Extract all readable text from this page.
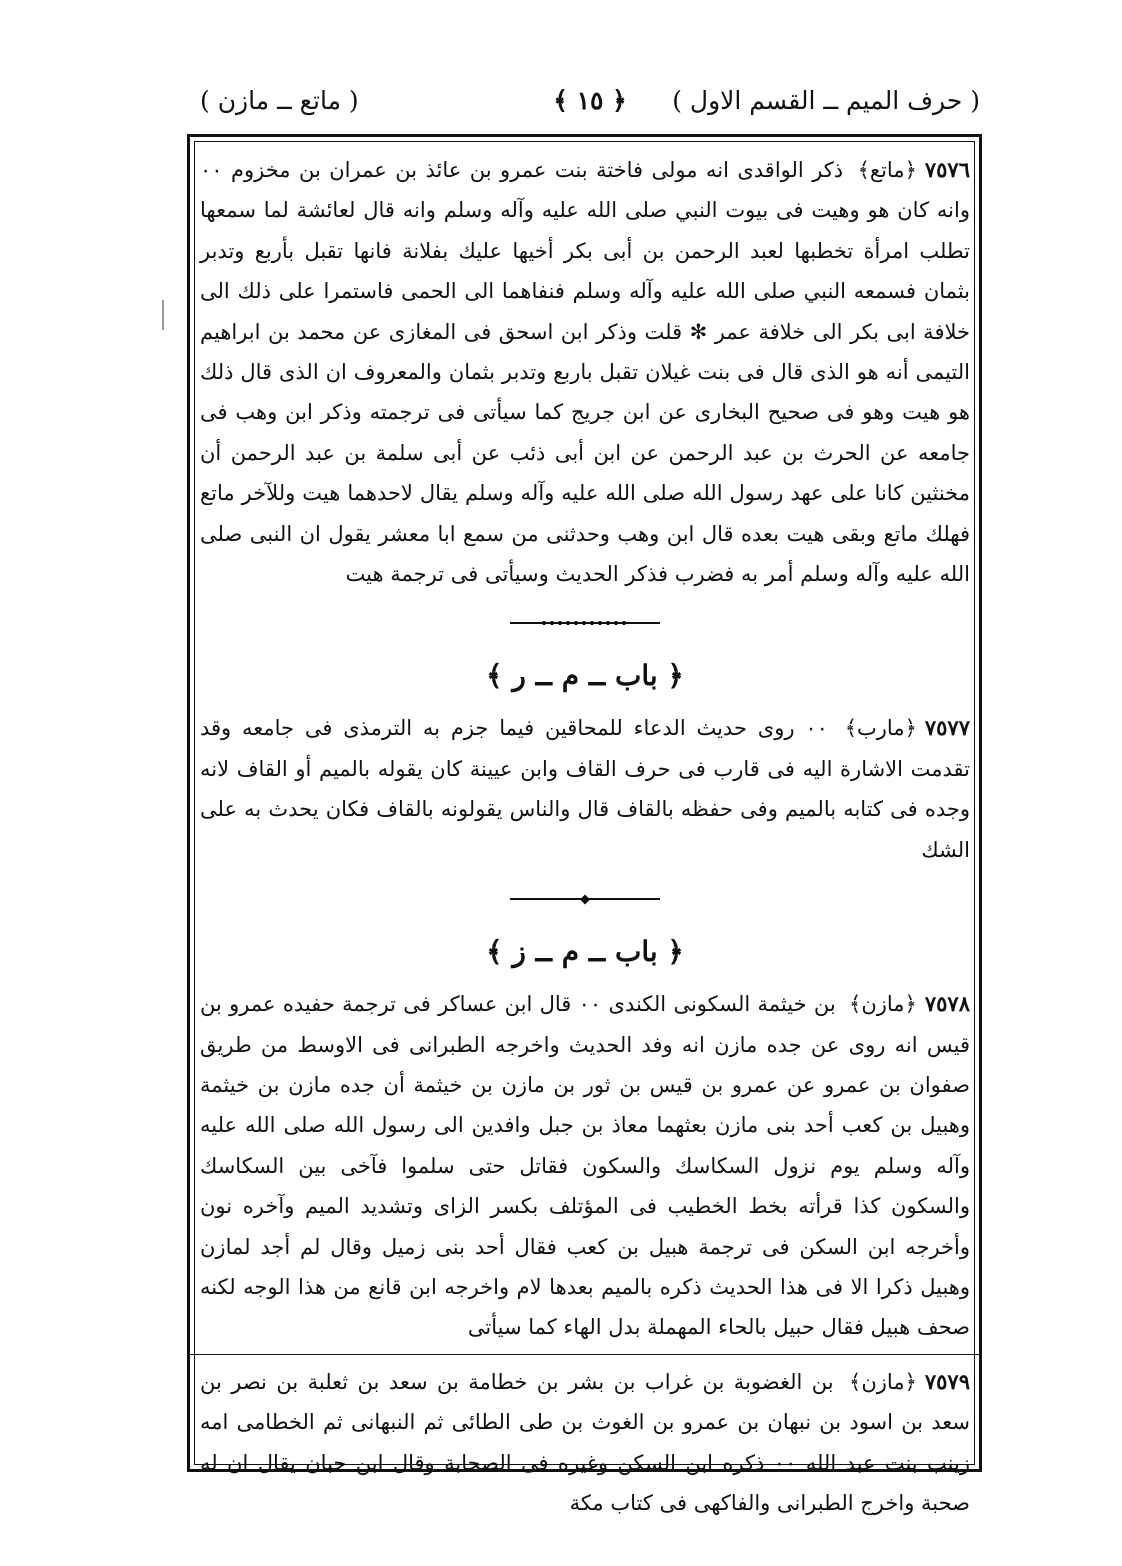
( حرف الميم ــ القسم الاول )
﴿ ١٥ ﴾
( ماتع ــ مازن )

٧٥٧٦﴿ماتع﴾ ذكر الواقدى انه مولى فاختة بنت عمرو بن عائذ بن عمران بن مخزوم ٠٠ وانه كان هو وهيت فى بيوت النبي صلى الله عليه وآله وسلم وانه قال لعائشة لما سمعها تطلب امرأة تخطبها لعبد الرحمن بن أبى بكر أخيها عليك بفلانة فانها تقبل بأربع وتدبر بثمان فسمعه النبي صلى الله عليه وآله وسلم فنفاهما الى الحمى فاستمرا على ذلك الى خلافة ابى بكر الى خلافة عمر ✻ قلت وذكر ابن اسحق فى المغازى عن محمد بن ابراهيم التيمى أنه هو الذى قال فى بنت غيلان تقبل باربع وتدبر بثمان والمعروف ان الذى قال ذلك هو هيت وهو فى صحيح البخارى عن ابن جريج كما سيأتى فى ترجمته وذكر ابن وهب فى جامعه عن الحرث بن عبد الرحمن عن ابن أبى ذئب عن أبى سلمة بن عبد الرحمن أن مخنثين كانا على عهد رسول الله صلى الله عليه وآله وسلم يقال لاحدهما هيت وللآخر ماتع فهلك ماتع وبقى هيت بعده قال ابن وهب وحدثنى من سمع ابا معشر يقول ان النبى صلى الله عليه وآله وسلم أمر به فضرب فذكر الحديث وسيأتى فى ترجمة هيت

﴿ باب ــ م ــ ر ﴾

٧٥٧٧﴿مارب﴾ ٠٠ روى حديث الدعاء للمحاقين فيما جزم به الترمذى فى جامعه وقد تقدمت الاشارة اليه فى قارب فى حرف القاف وابن عيينة كان يقوله بالميم أو القاف لانه وجده فى كتابه بالميم وفى حفظه بالقاف قال والناس يقولونه بالقاف فكان يحدث به على الشك

﴿ باب ــ م ــ ز ﴾

٧٥٧٨﴿مازن﴾ بن خيثمة السكونى الكندى ٠٠ قال ابن عساكر فى ترجمة حفيده عمرو بن قيس انه روى عن جده مازن انه وفد الحديث واخرجه الطبرانى فى الاوسط من طريق صفوان بن عمرو عن عمرو بن قيس بن ثور بن مازن بن خيثمة أن جده مازن بن خيثمة وهبيل بن كعب أحد بنى مازن بعثهما معاذ بن جبل وافدين الى رسول الله صلى الله عليه وآله وسلم يوم نزول السكاسك والسكون فقاتل حتى سلموا فآخى بين السكاسك والسكون كذا قرأته بخط الخطيب فى المؤتلف بكسر الزاى وتشديد الميم وآخره نون وأخرجه ابن السكن فى ترجمة هبيل بن كعب فقال أحد بنى زميل وقال لم أجد لمازن وهبيل ذكرا الا فى هذا الحديث ذكره بالميم بعدها لام واخرجه ابن قانع من هذا الوجه لكنه صحف هبيل فقال حبيل بالحاء المهملة بدل الهاء كما سيأتى

٧٥٧٩﴿مازن﴾ بن الغضوبة بن غراب بن بشر بن خطامة بن سعد بن ثعلبة بن نصر بن سعد بن اسود بن نبهان بن عمرو بن الغوث بن طى الطائى ثم النبهانى ثم الخطامى امه زينب بنت عبد الله ٠٠ ذكره ابن السكن وغيره فى الصحابة وقال ابن حبان يقال ان له صحبة واخرج الطبرانى والفاكهى فى كتاب مكة
